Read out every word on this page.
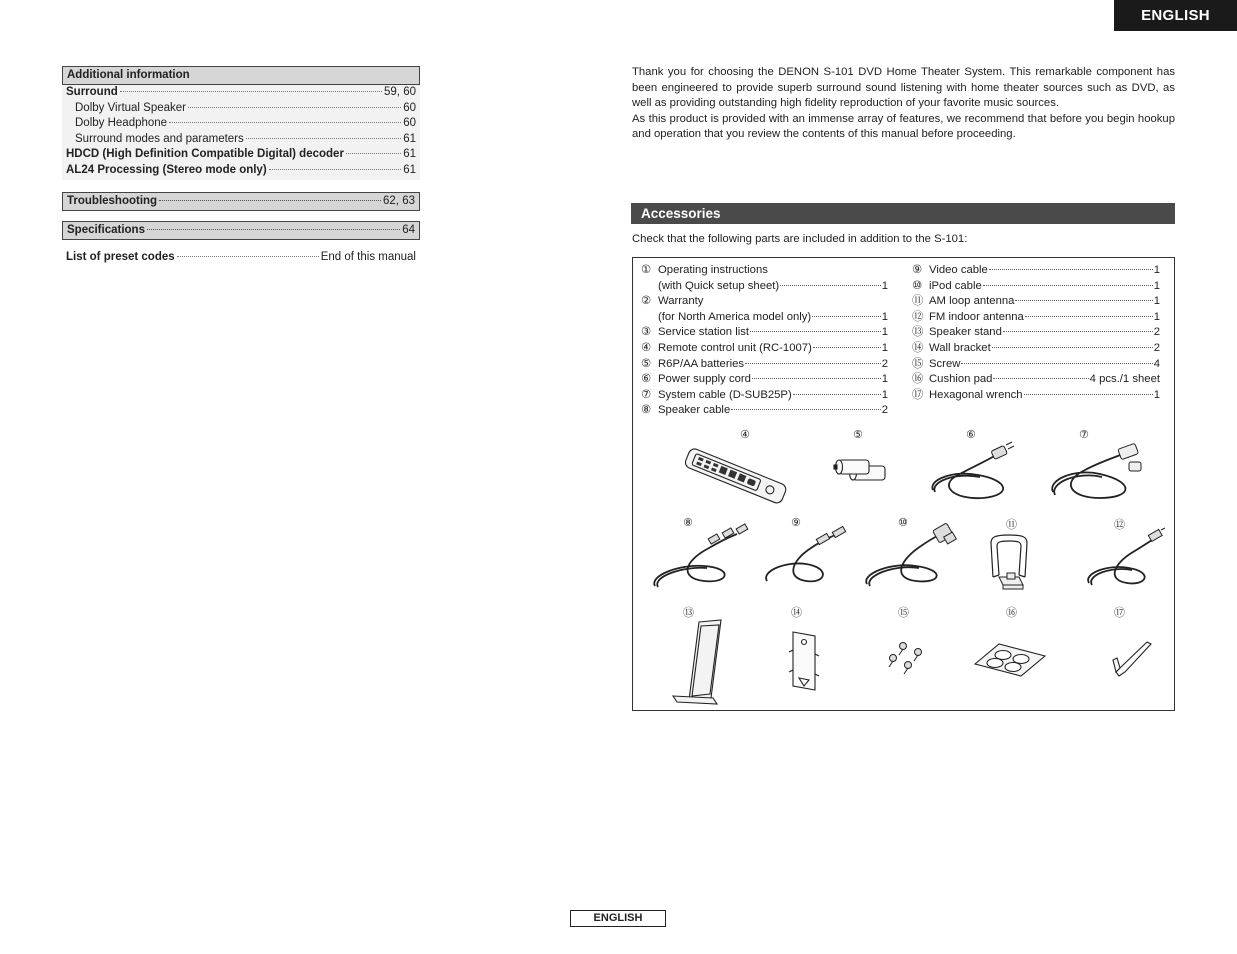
ENGLISH
Additional information
Surround	59, 60
Dolby Virtual Speaker	60
Dolby Headphone	60
Surround modes and parameters	61
HDCD (High Definition Compatible Digital) decoder	61
AL24 Processing (Stereo mode only)	61
Troubleshooting	62, 63
Specifications	64
List of preset codes	End of this manual

Thank you for choosing the DENON S-101 DVD Home Theater System. This remarkable component has been engineered to provide superb surround sound listening with home theater sources such as DVD, as well as providing outstanding high fidelity reproduction of your favorite music sources.

As this product is provided with an immense array of features, we recommend that before you begin hookup and operation that you review the contents of this manual before proceeding.

Accessories
Check that the following parts are included in addition to the S-101:
① Operating instructions
(with Quick setup sheet)	1
② Warranty
(for North America model only)	1
③ Service station list	1
④ Remote control unit (RC-1007)	1
⑤ R6P/AA batteries	2
⑥ Power supply cord	1
⑦ System cable (D-SUB25P)	1
⑧ Speaker cable	2
⑨ Video cable	1
⑩ iPod cable	1
⑪ AM loop antenna	1
⑫ FM indoor antenna	1
⑬ Speaker stand	2
⑭ Wall bracket	2
⑮ Screw	4
⑯ Cushion pad	4 pcs./1 sheet
⑰ Hexagonal wrench	1
④	⑤	⑥	⑦
⑧	⑨	⑩	⑪	⑫
⑬	⑭	⑮	⑯	⑰
ENGLISH
